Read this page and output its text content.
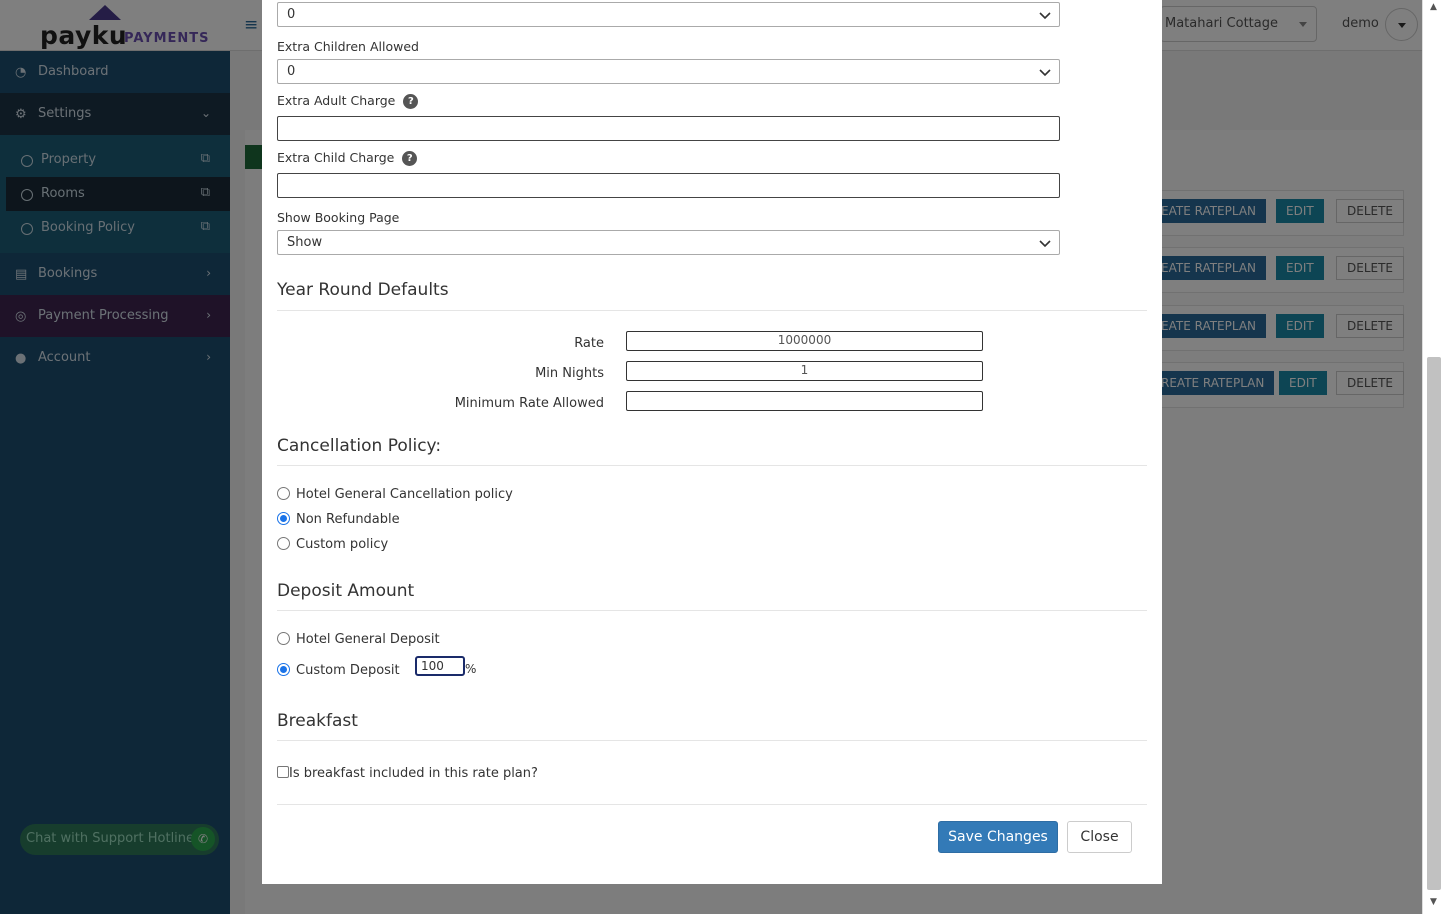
▲
▼
0
Extra Children Allowed
0
Extra Adult Charge ?
Extra Child Charge ?
Show Booking Page
Show
Year Round Defaults
Rate	1000000
Min Nights	1
Minimum Rate Allowed
Cancellation Policy:
Hotel General Cancellation policy
Non Refundable
Custom policy
Deposit Amount
Hotel General Deposit
Custom Deposit	100	%
Breakfast
Is breakfast included in this rate plan?
Save Changes	Close
